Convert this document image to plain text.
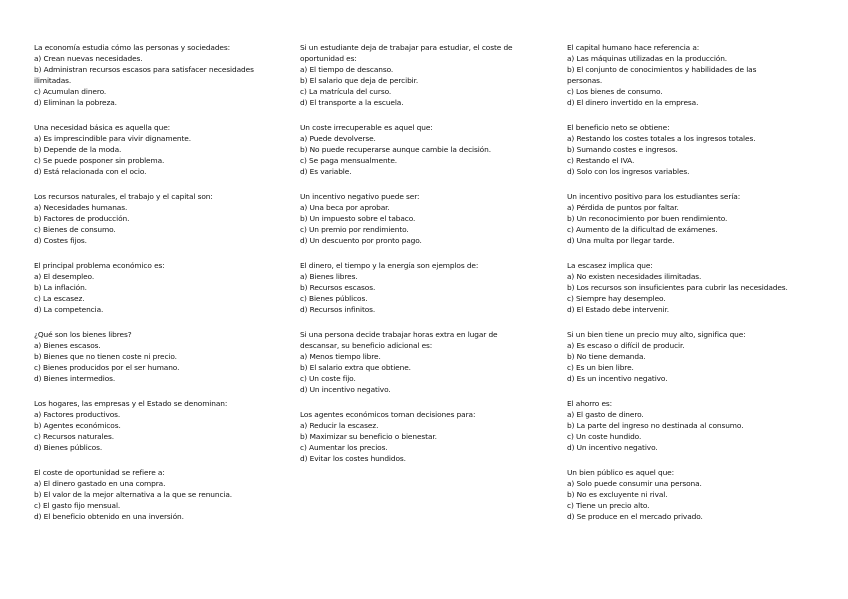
La economía estudia cómo las personas y sociedades:
a) Crean nuevas necesidades.
b) Administran recursos escasos para satisfacer necesidades ilimitadas.
c) Acumulan dinero.
d) Eliminan la pobreza.
Una necesidad básica es aquella que:
a) Es imprescindible para vivir dignamente.
b) Depende de la moda.
c) Se puede posponer sin problema.
d) Está relacionada con el ocio.
Los recursos naturales, el trabajo y el capital son:
a) Necesidades humanas.
b) Factores de producción.
c) Bienes de consumo.
d) Costes fijos.
El principal problema económico es:
a) El desempleo.
b) La inflación.
c) La escasez.
d) La competencia.
¿Qué son los bienes libres?
a) Bienes escasos.
b) Bienes que no tienen coste ni precio.
c) Bienes producidos por el ser humano.
d) Bienes intermedios.
Los hogares, las empresas y el Estado se denominan:
a) Factores productivos.
b) Agentes económicos.
c) Recursos naturales.
d) Bienes públicos.
El coste de oportunidad se refiere a:
a) El dinero gastado en una compra.
b) El valor de la mejor alternativa a la que se renuncia.
c) El gasto fijo mensual.
d) El beneficio obtenido en una inversión.
Si un estudiante deja de trabajar para estudiar, el coste de oportunidad es:
a) El tiempo de descanso.
b) El salario que deja de percibir.
c) La matrícula del curso.
d) El transporte a la escuela.
Un coste irrecuperable es aquel que:
a) Puede devolverse.
b) No puede recuperarse aunque cambie la decisión.
c) Se paga mensualmente.
d) Es variable.
Un incentivo negativo puede ser:
a) Una beca por aprobar.
b) Un impuesto sobre el tabaco.
c) Un premio por rendimiento.
d) Un descuento por pronto pago.
El dinero, el tiempo y la energía son ejemplos de:
a) Bienes libres.
b) Recursos escasos.
c) Bienes públicos.
d) Recursos infinitos.
Si una persona decide trabajar horas extra en lugar de descansar, su beneficio adicional es:
a) Menos tiempo libre.
b) El salario extra que obtiene.
c) Un coste fijo.
d) Un incentivo negativo.
Los agentes económicos toman decisiones para:
a) Reducir la escasez.
b) Maximizar su beneficio o bienestar.
c) Aumentar los precios.
d) Evitar los costes hundidos.
El capital humano hace referencia a:
a) Las máquinas utilizadas en la producción.
b) El conjunto de conocimientos y habilidades de las personas.
c) Los bienes de consumo.
d) El dinero invertido en la empresa.
El beneficio neto se obtiene:
a) Restando los costes totales a los ingresos totales.
b) Sumando costes e ingresos.
c) Restando el IVA.
d) Solo con los ingresos variables.
Un incentivo positivo para los estudiantes sería:
a) Pérdida de puntos por faltar.
b) Un reconocimiento por buen rendimiento.
c) Aumento de la dificultad de exámenes.
d) Una multa por llegar tarde.
La escasez implica que:
a) No existen necesidades ilimitadas.
b) Los recursos son insuficientes para cubrir las necesidades.
c) Siempre hay desempleo.
d) El Estado debe intervenir.
Si un bien tiene un precio muy alto, significa que:
a) Es escaso o difícil de producir.
b) No tiene demanda.
c) Es un bien libre.
d) Es un incentivo negativo.
El ahorro es:
a) El gasto de dinero.
b) La parte del ingreso no destinada al consumo.
c) Un coste hundido.
d) Un incentivo negativo.
Un bien público es aquel que:
a) Solo puede consumir una persona.
b) No es excluyente ni rival.
c) Tiene un precio alto.
d) Se produce en el mercado privado.
